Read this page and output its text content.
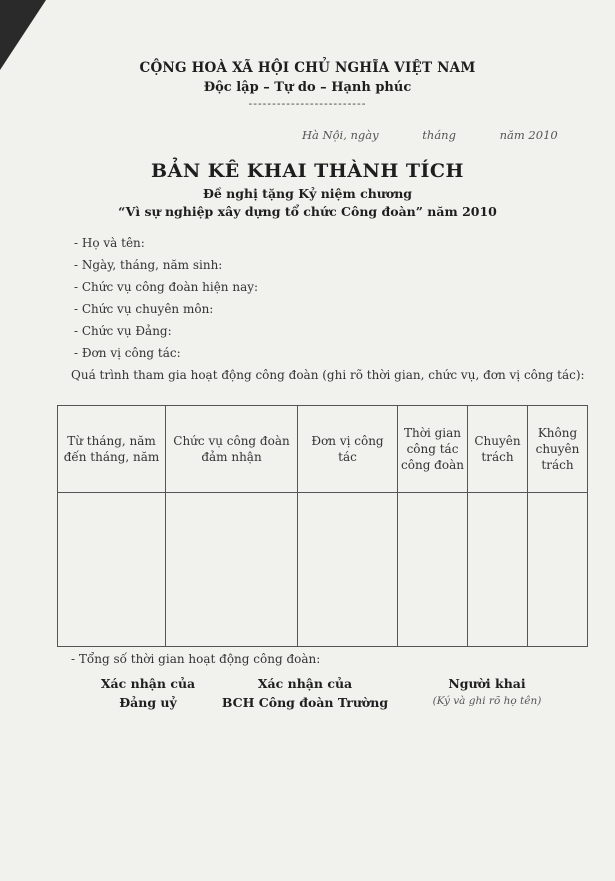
CỘNG HOÀ XÃ HỘI CHỦ NGHĨA VIỆT NAM
Độc lập – Tự do – Hạnh phúc
-------------------------
Hà Nội, ngày	tháng	năm 2010
BẢN KÊ KHAI THÀNH TÍCH
Đề nghị tặng Kỷ niệm chương
“Vì sự nghiệp xây dựng tổ chức Công đoàn” năm 2010
- Họ và tên:
- Ngày, tháng, năm sinh:
- Chức vụ công đoàn hiện nay:
- Chức vụ chuyên môn:
- Chức vụ Đảng:
- Đơn vị công tác:
Quá trình tham gia hoạt động công đoàn (ghi rõ thời gian, chức vụ, đơn vị công tác):
Từ tháng, năm đến tháng, năm	Chức vụ công đoàn đảm nhận	Đơn vị công tác	Thời gian công tác công đoàn	Chuyên trách	Không chuyên trách

- Tổng số thời gian hoạt động công đoàn:
Xác nhận của
Đảng uỷ
Xác nhận của
BCH Công đoàn Trường
Người khai
(Ký và ghi rõ họ tên)
